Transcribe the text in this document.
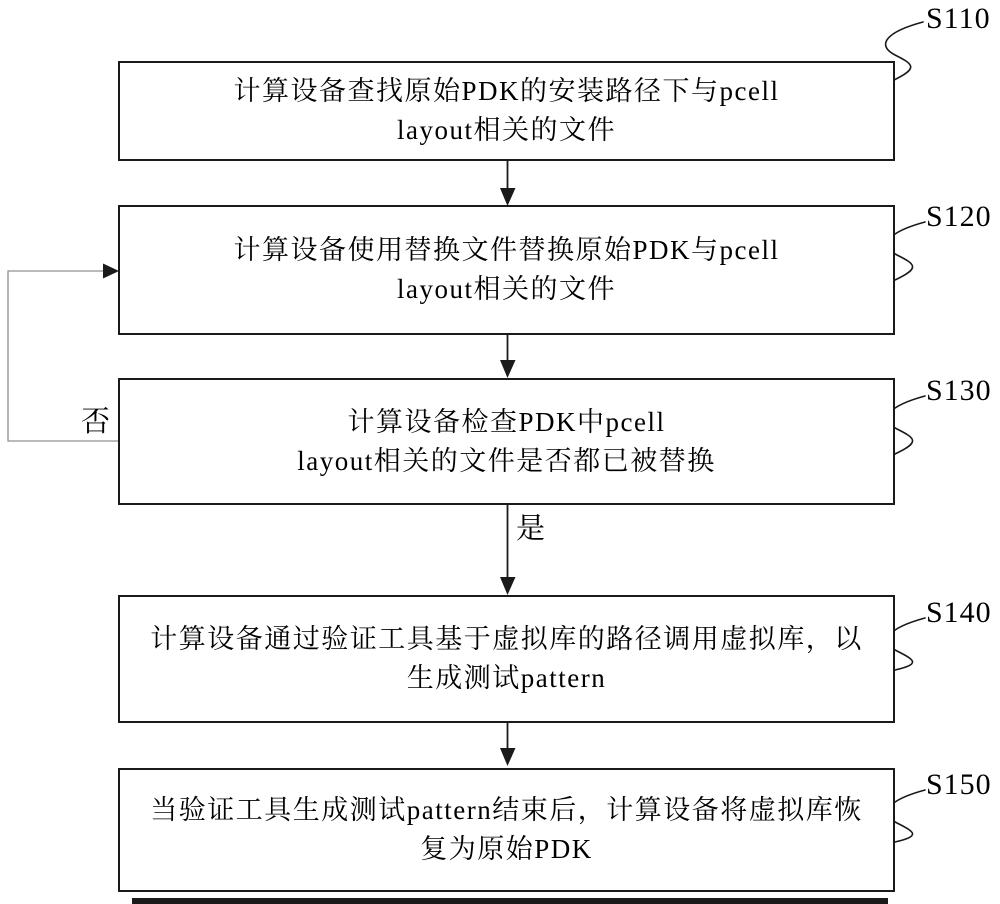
计算设备查找原始PDK的安装路径下与pcell
layout相关的文件
计算设备使用替换文件替换原始PDK与pcell
layout相关的文件
计算设备检查PDK中pcell
layout相关的文件是否都已被替换
计算设备通过验证工具基于虚拟库的路径调用虚拟库，以
生成测试pattern
当验证工具生成测试pattern结束后，计算设备将虚拟库恢
复为原始PDK
S110
S120
S130
S140
S150
否
是
